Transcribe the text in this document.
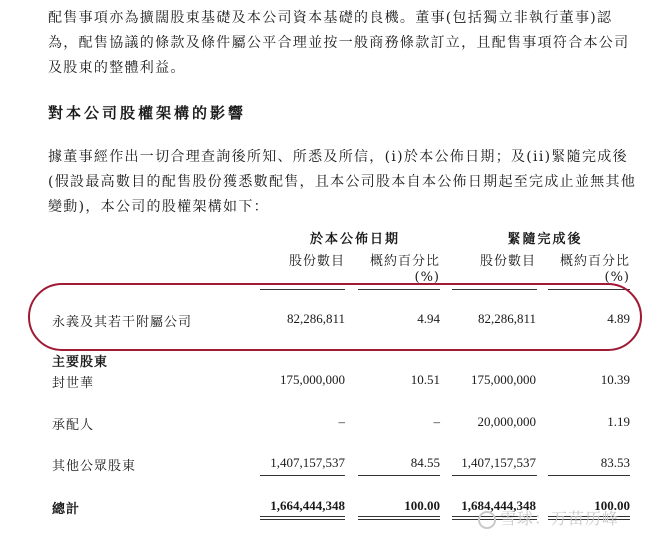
配售事項亦為擴闊股東基礎及本公司資本基礎的良機。董事(包括獨立非執行董事)認為，配售協議的條款及條件屬公平合理並按一般商務條款訂立，且配售事項符合本公司及股東的整體利益。

對本公司股權架構的影響

據董事經作出一切合理查詢後所知、所悉及所信，(i)於本公佈日期；及(ii)緊隨完成後(假設最高數目的配售股份獲悉數配售，且本公司股本自本公佈日期起至完成止並無其他變動)，本公司的股權架構如下：

於本公佈日期	緊隨完成後
股份數目	概約百分比	股份數目	概約百分比
(%)	(%)
永義及其若干附屬公司	82,286,811	4.94	82,286,811	4.89
主要股東
封世華	175,000,000	10.51	175,000,000	10.39
承配人	–	–	20,000,000	1.19
其他公眾股東	1,407,157,537	84.55	1,407,157,537	83.53
總計	1,664,444,348	100.00	1,684,444,348	100.00
雪球：万苗历峰
